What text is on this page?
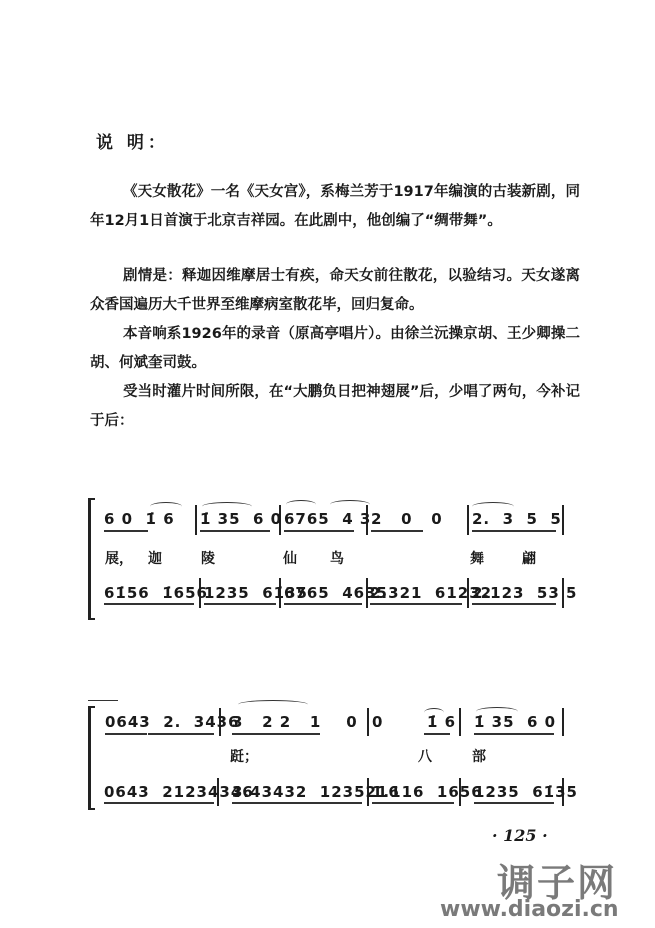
说 明：
《天女散花》一名《天女宫》，系梅兰芳于1917年编演的古装新剧，同年12月1日首演于北京吉祥园。在此剧中，他创编了“绸带舞”。
剧情是：释迦因维摩居士有疾，命天女前往散花，以验结习。天女遂离众香国遍历大千世界至维摩病室散花毕，回归复命。
本音响系1926年的录音（原高亭唱片）。由徐兰沅操京胡、王少卿操二胡、何斌奎司鼓。
受当时灌片时间所限，在“大鹏负日把神翅展”后，少唱了两句，今补记于后：
6 0  1̇ 6 1̇ 35  6 0 6765  4 3 2   0   0 2.  3  5  5
展， 迦	陵	仙 鸟	舞	翩
61̇56  1̇656
1235  61̇35
6765  4635
2.321  61232
2.123  53 5
0643  2.  3436
3   2 2   1    0 0       1̇ 6 1̇ 35  6 0
跹；	八	部
0643  21234346
3.43432  1235216
1.116  1656
1235  61̇35
· 125 ·
调子网
www.diaozi.cn
